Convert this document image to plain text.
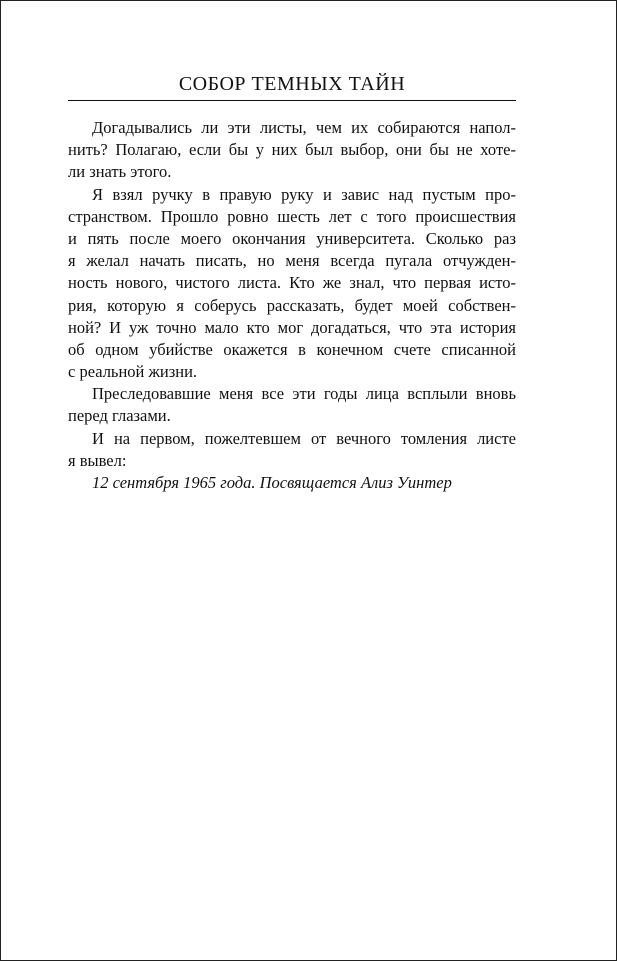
СОБОР ТЕМНЫХ ТАЙН
Догадывались ли эти листы, чем их собираются напол-
нить? Полагаю, если бы у них был выбор, они бы не хоте-
ли знать этого.
Я взял ручку в правую руку и завис над пустым про-
странством. Прошло ровно шесть лет с того происшествия
и пять после моего окончания университета. Сколько раз
я желал начать писать, но меня всегда пугала отчужден-
ность нового, чистого листа. Кто же знал, что первая исто-
рия, которую я соберусь рассказать, будет моей собствен-
ной? И уж точно мало кто мог догадаться, что эта история
об одном убийстве окажется в конечном счете списанной
с реальной жизни.
Преследовавшие меня все эти годы лица всплыли вновь
перед глазами.
И на первом, пожелтевшем от вечного томления листе
я вывел:
12 сентября 1965 года. Посвящается Ализ Уинтер
